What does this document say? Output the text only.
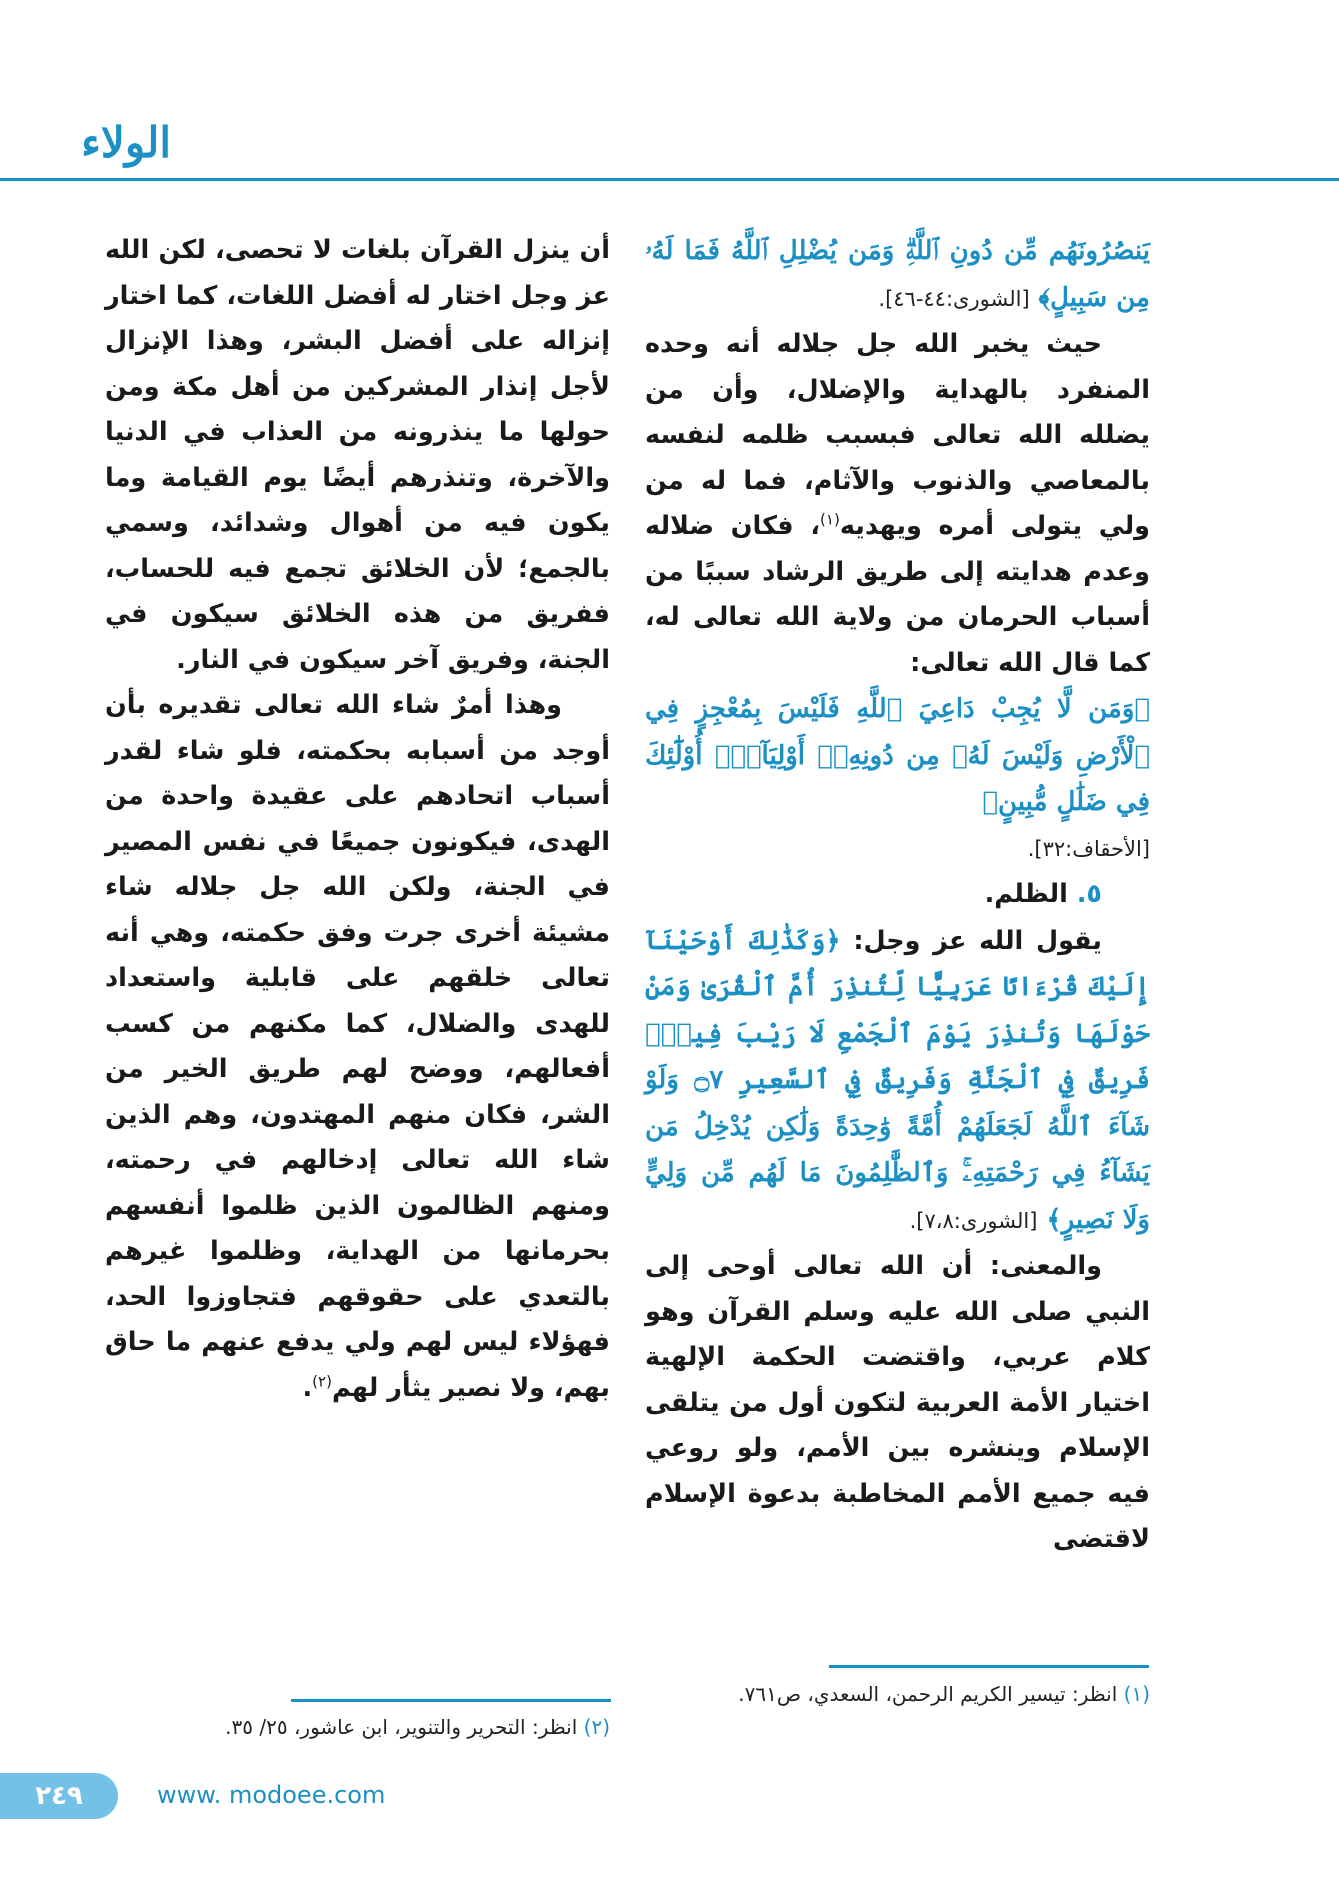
الولاء

يَنصُرُونَهُم مِّن دُونِ ٱللَّهِۗ وَمَن يُضْلِلِ ٱللَّهُ فَمَا لَهُۥ مِن سَبِيلٍ﴾ [الشورى:٤٤-٤٦].

حيث يخبر الله جل جلاله أنه وحده المنفرد بالهداية والإضلال، وأن من يضلله الله تعالى فبسبب ظلمه لنفسه بالمعاصي والذنوب والآثام، فما له من ولي يتولى أمره ويهديه$^{(١)}$، فكان ضلاله وعدم هدايته إلى طريق الرشاد سببًا من أسباب الحرمان من ولاية الله تعالى له، كما قال الله تعالى:

﴿وَمَن لَّا يُجِبْ دَاعِيَ ٱللَّهِ فَلَيْسَ بِمُعْجِزٍ فِي ٱلْأَرْضِ وَلَيْسَ لَهُۥ مِن دُونِهِۦٓ أَوْلِيَآءُۚ أُوْلَٰٓئِكَ فِي ضَلَٰلٍ مُّبِينٍ﴾

[الأحقاف:٣٢].

٥. الظلم.

يقول الله عز وجل: ﴿وَكَذَٰلِكَ أَوْحَيْنَآ إِلَيْكَ قُرْءَانًا عَرَبِيًّا لِّتُنذِرَ أُمَّ ٱلْقُرَىٰ وَمَنْ حَوْلَهَا وَتُنذِرَ يَوْمَ ٱلْجَمْعِ لَا رَيْبَ فِيهِۚ فَرِيقٌ فِي ٱلْجَنَّةِ وَفَرِيقٌ فِي ٱلسَّعِيرِ ۝٧ وَلَوْ شَآءَ ٱللَّهُ لَجَعَلَهُمْ أُمَّةً وَٰحِدَةً وَلَٰكِن يُدْخِلُ مَن يَشَآءُ فِي رَحْمَتِهِۦۚ وَٱلظَّٰلِمُونَ مَا لَهُم مِّن وَلِيٍّ وَلَا نَصِيرٍ﴾ [الشورى:٧،٨].

والمعنى: أن الله تعالى أوحى إلى النبي صلى الله عليه وسلم القرآن وهو كلام عربي، واقتضت الحكمة الإلهية اختيار الأمة العربية لتكون أول من يتلقى الإسلام وينشره بين الأمم، ولو روعي فيه جميع الأمم المخاطبة بدعوة الإسلام لاقتضى

أن ينزل القرآن بلغات لا تحصى، لكن الله عز وجل اختار له أفضل اللغات، كما اختار إنزاله على أفضل البشر، وهذا الإنزال لأجل إنذار المشركين من أهل مكة ومن حولها ما ينذرونه من العذاب في الدنيا والآخرة، وتنذرهم أيضًا يوم القيامة وما يكون فيه من أهوال وشدائد، وسمي بالجمع؛ لأن الخلائق تجمع فيه للحساب، ففريق من هذه الخلائق سيكون في الجنة، وفريق آخر سيكون في النار.

وهذا أمرٌ شاء الله تعالى تقديره بأن أوجد من أسبابه بحكمته، فلو شاء لقدر أسباب اتحادهم على عقيدة واحدة من الهدى، فيكونون جميعًا في نفس المصير في الجنة، ولكن الله جل جلاله شاء مشيئة أخرى جرت وفق حكمته، وهي أنه تعالى خلقهم على قابلية واستعداد للهدى والضلال، كما مكنهم من كسب أفعالهم، ووضح لهم طريق الخير من الشر، فكان منهم المهتدون، وهم الذين شاء الله تعالى إدخالهم في رحمته، ومنهم الظالمون الذين ظلموا أنفسهم بحرمانها من الهداية، وظلموا غيرهم بالتعدي على حقوقهم فتجاوزوا الحد، فهؤلاء ليس لهم ولي يدفع عنهم ما حاق بهم، ولا نصير يثأر لهم$^{(٢)}$.

(١) انظر: تيسير الكريم الرحمن، السعدي، ص٧٦١.
(٢) انظر: التحرير والتنوير، ابن عاشور، ٢٥/ ٣٥.
٢٤٩	www. modoee.com
